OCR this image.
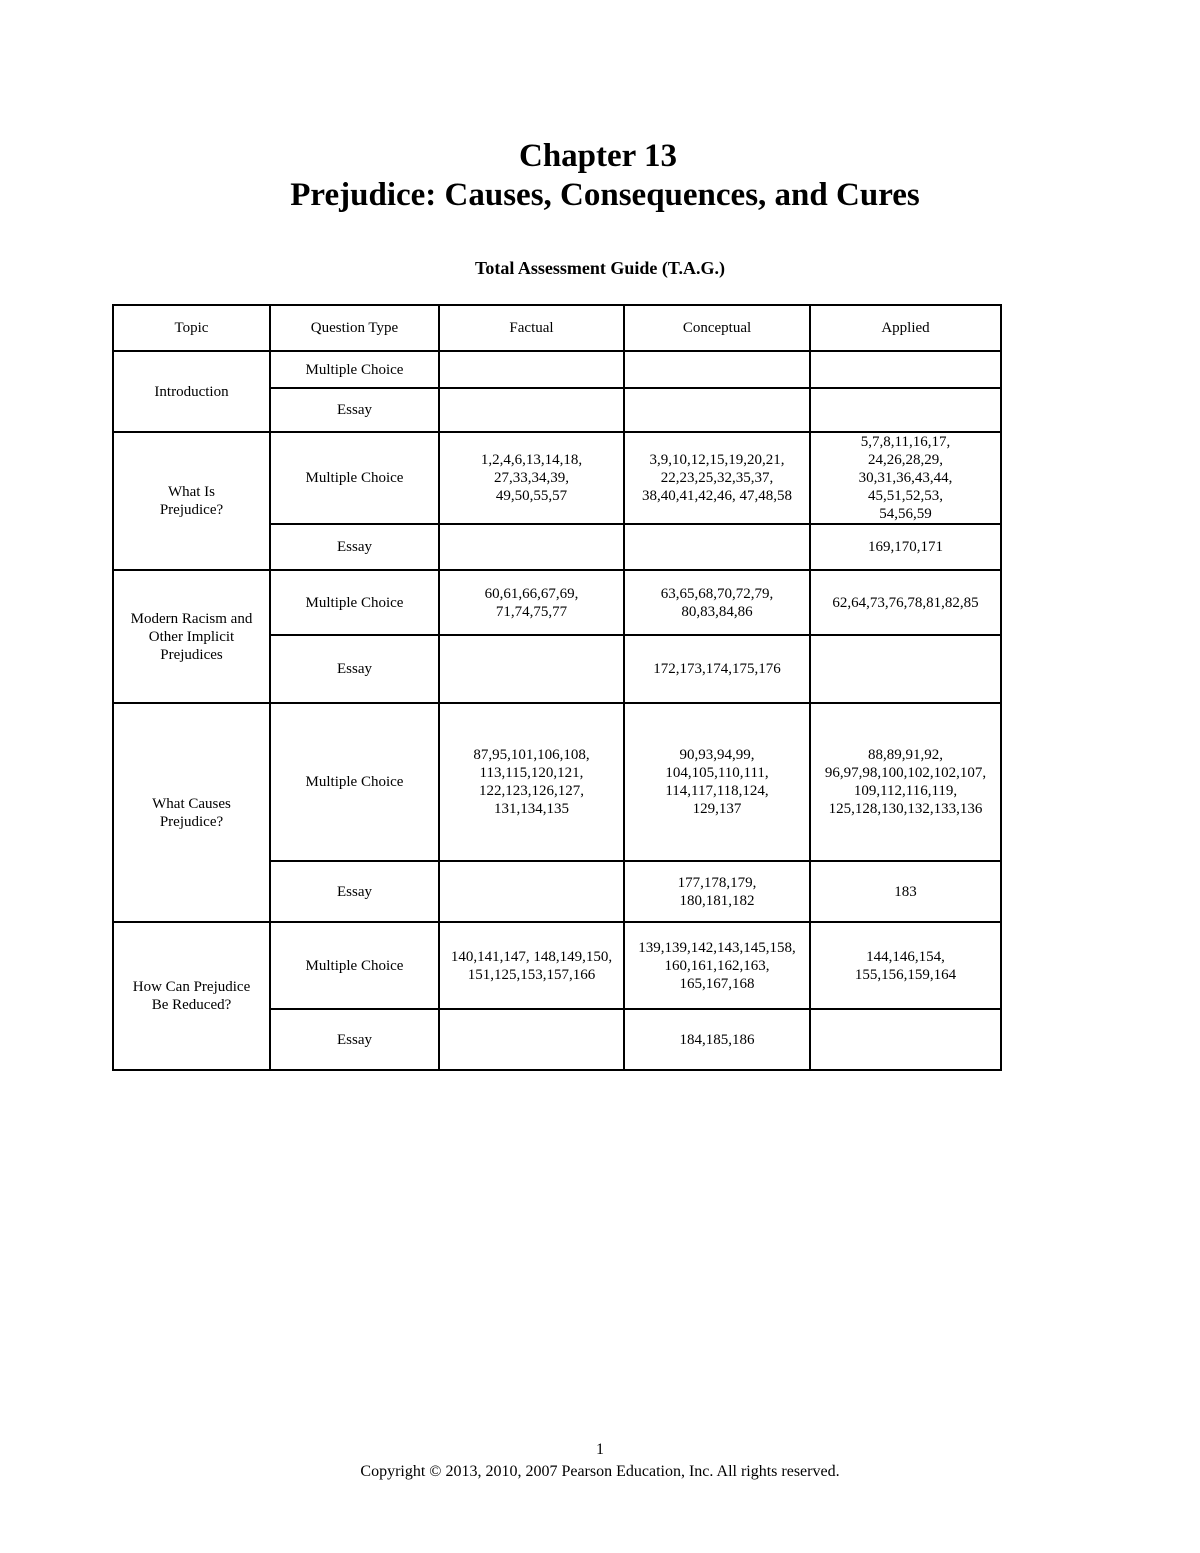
Chapter 13
Prejudice: Causes, Consequences, and Cures
Total Assessment Guide (T.A.G.)
Topic	Question Type	Factual	Conceptual	Applied
Introduction	Multiple Choice			
	Essay			
What Is Prejudice?	Multiple Choice	1,2,4,6,13,14,18, 27,33,34,39, 49,50,55,57	3,9,10,12,15,19,20,21, 22,23,25,32,35,37, 38,40,41,42,46, 47,48,58	5,7,8,11,16,17, 24,26,28,29, 30,31,36,43,44, 45,51,52,53, 54,56,59
	Essay			169,170,171
Modern Racism and Other Implicit Prejudices	Multiple Choice	60,61,66,67,69, 71,74,75,77	63,65,68,70,72,79, 80,83,84,86	62,64,73,76,78,81,82,85
	Essay		172,173,174,175,176	
What Causes Prejudice?	Multiple Choice	87,95,101,106,108, 113,115,120,121, 122,123,126,127, 131,134,135	90,93,94,99, 104,105,110,111, 114,117,118,124, 129,137	88,89,91,92, 96,97,98,100,102,102,107, 109,112,116,119, 125,128,130,132,133,136
	Essay		177,178,179, 180,181,182	183
How Can Prejudice Be Reduced?	Multiple Choice	140,141,147, 148,149,150, 151,125,153,157,166	139,139,142,143,145,158, 160,161,162,163, 165,167,168	144,146,154, 155,156,159,164
	Essay		184,185,186	
1
Copyright © 2013, 2010, 2007 Pearson Education, Inc. All rights reserved.
